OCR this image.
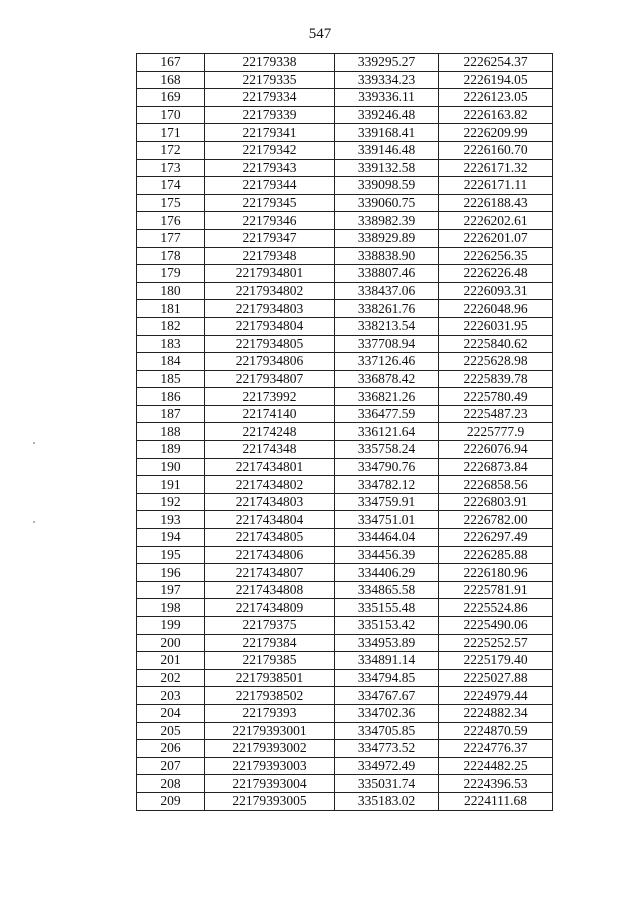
547
167	22179338	339295.27	2226254.37
168	22179335	339334.23	2226194.05
169	22179334	339336.11	2226123.05
170	22179339	339246.48	2226163.82
171	22179341	339168.41	2226209.99
172	22179342	339146.48	2226160.70
173	22179343	339132.58	2226171.32
174	22179344	339098.59	2226171.11
175	22179345	339060.75	2226188.43
176	22179346	338982.39	2226202.61
177	22179347	338929.89	2226201.07
178	22179348	338838.90	2226256.35
179	2217934801	338807.46	2226226.48
180	2217934802	338437.06	2226093.31
181	2217934803	338261.76	2226048.96
182	2217934804	338213.54	2226031.95
183	2217934805	337708.94	2225840.62
184	2217934806	337126.46	2225628.98
185	2217934807	336878.42	2225839.78
186	22173992	336821.26	2225780.49
187	22174140	336477.59	2225487.23
188	22174248	336121.64	2225777.9
189	22174348	335758.24	2226076.94
190	2217434801	334790.76	2226873.84
191	2217434802	334782.12	2226858.56
192	2217434803	334759.91	2226803.91
193	2217434804	334751.01	2226782.00
194	2217434805	334464.04	2226297.49
195	2217434806	334456.39	2226285.88
196	2217434807	334406.29	2226180.96
197	2217434808	334865.58	2225781.91
198	2217434809	335155.48	2225524.86
199	22179375	335153.42	2225490.06
200	22179384	334953.89	2225252.57
201	22179385	334891.14	2225179.40
202	2217938501	334794.85	2225027.88
203	2217938502	334767.67	2224979.44
204	22179393	334702.36	2224882.34
205	22179393001	334705.85	2224870.59
206	22179393002	334773.52	2224776.37
207	22179393003	334972.49	2224482.25
208	22179393004	335031.74	2224396.53
209	22179393005	335183.02	2224111.68
